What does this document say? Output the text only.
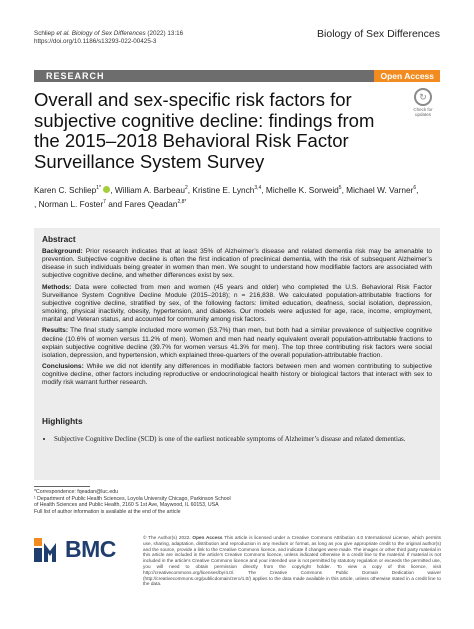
Schliep et al. Biology of Sex Differences (2022) 13:16
https://doi.org/10.1186/s13293-022-00425-3
Biology of Sex Differences
RESEARCH	Open Access
Overall and sex-specific risk factors for subjective cognitive decline: findings from the 2015–2018 Behavioral Risk Factor Surveillance System Survey
↻
Check for updates
Karen C. Schliep$^{1*}$ , William A. Barbeau$^2$, Kristine E. Lynch$^{3,4}$, Michelle K. Sorweid$^5$, Michael W. Varner$^6$,
, Norman L. Foster$^7$ and Fares Qeadan$^{2,8*}$
Abstract

Background: Prior research indicates that at least 35% of Alzheimer’s disease and related dementia risk may be amenable to prevention. Subjective cognitive decline is often the first indication of preclinical dementia, with the risk of subsequent Alzheimer’s disease in such individuals being greater in women than men. We sought to understand how modifiable factors are associated with subjective cognitive decline, and whether differences exist by sex.

Methods: Data were collected from men and women (45 years and older) who completed the U.S. Behavioral Risk Factor Surveillance System Cognitive Decline Module (2015–2018); n = 216,838. We calculated population-attributable fractions for subjective cognitive decline, stratified by sex, of the following factors: limited education, deafness, social isolation, depression, smoking, physical inactivity, obesity, hypertension, and diabetes. Our models were adjusted for age, race, income, employment, marital and Veteran status, and accounted for community among risk factors.

Results: The final study sample included more women (53.7%) than men, but both had a similar prevalence of subjective cognitive decline (10.6% of women versus 11.2% of men). Women and men had nearly equivalent overall population-attributable fractions to explain subjective cognitive decline (39.7% for women versus 41.3% for men). The top three contributing risk factors were social isolation, depression, and hypertension, which explained three-quarters of the overall population-attributable fraction.

Conclusions: While we did not identify any differences in modifiable factors between men and women contributing to subjective cognitive decline, other factors including reproductive or endocrinological health history or biological factors that interact with sex to modify risk warrant further research.

Highlights
• Subjective Cognitive Decline (SCD) is one of the earliest noticeable symptoms of Alzheimer’s disease and related dementias.
*Correspondence: fqeadan@luc.edu
¹ Department of Public Health Sciences, Loyola University Chicago, Parkinson School of Health Sciences and Public Health, 2160 S 1st Ave, Maywood, IL 60153, USA
Full list of author information is available at the end of the article
BMC	© The Author(s) 2022. Open Access This article is licensed under a Creative Commons Attribution 4.0 International License, which permits use, sharing, adaptation, distribution and reproduction in any medium or format, as long as you give appropriate credit to the original author(s) and the source, provide a link to the Creative Commons licence, and indicate if changes were made. The images or other third party material in this article are included in the article’s Creative Commons licence, unless indicated otherwise in a credit line to the material. If material is not included in the article’s Creative Commons licence and your intended use is not permitted by statutory regulation or exceeds the permitted use, you will need to obtain permission directly from the copyright holder. To view a copy of this licence, visit http://creativecommons.org/licenses/by/4.0/. The Creative Commons Public Domain Dedication waiver (http://creativecommons.org/publicdomain/zero/1.0/) applies to the data made available in this article, unless otherwise stated in a credit line to the data.
